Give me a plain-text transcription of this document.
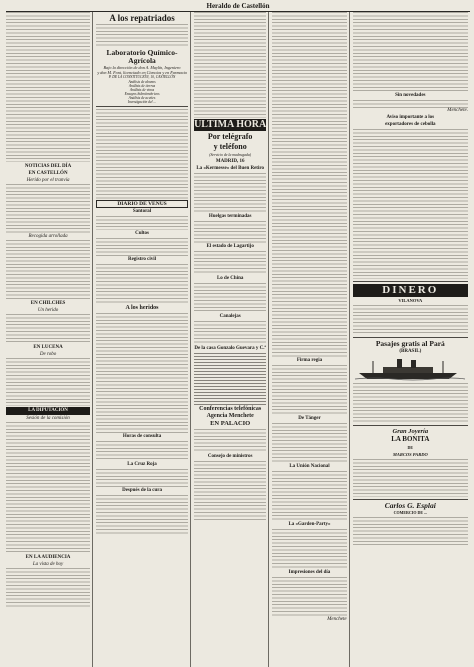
Heraldo de Castellón
NOTICIAS DEL DÍA
EN CASTELLÓN
Herido por el tranvía
Recogida arrollada
EN CHILCHES
Un herido
EN LUCENA
De robo
LA DIPUTACIÓN
Sesión de la comisión
EN LA AUDIENCIA
La vista de hoy
A los repatriados
Laboratorio Químico-Agrícola
Bajo la dirección de don A. Maylín, Ingeniero
y don M. Font, licenciado en Ciencias y en Farmacia
P. DE LA CONSTITUCIÓN, 10, CASTELLÓN
Análisis de abonos
Análisis de tierras
Análisis de vinos
Ensayos hidrotimétricos
Análisis de aceites
Investigación del ...
DIARIO DE VENUS
Santoral
Cultos
Registro civil
A los heridos
Horas de consulta
La Cruz Roja
Después de la cura
ULTIMA HORA
Por telégrafo
y teléfono
(Servicio de la madrugada)
MADRID, 16
La «Kermesse» del Buen Retiro
Huelgas terminadas
El estado de Lagartijo
Lo de China
Canalejas
De la casa Gonzalo Guevara y C.ª
Conferencias telefónicas
Agencia Menchete
EN PALACIO
Consejo de ministros
Firma regia
De Tánger
La Unión Nacional
La «Garden-Party»
Impresiones del día
Menchete
Sin novedades
Menchete.
Aviso importante a los
exportadores de cebolla
DINERO
VILANOVA
Pasajes gratis al Pará
(BRASIL)
Gran Joyería
LA BONITA
DE
MARCOS PARDO
Carlos G. Esplai
COMERCIO DE ...
